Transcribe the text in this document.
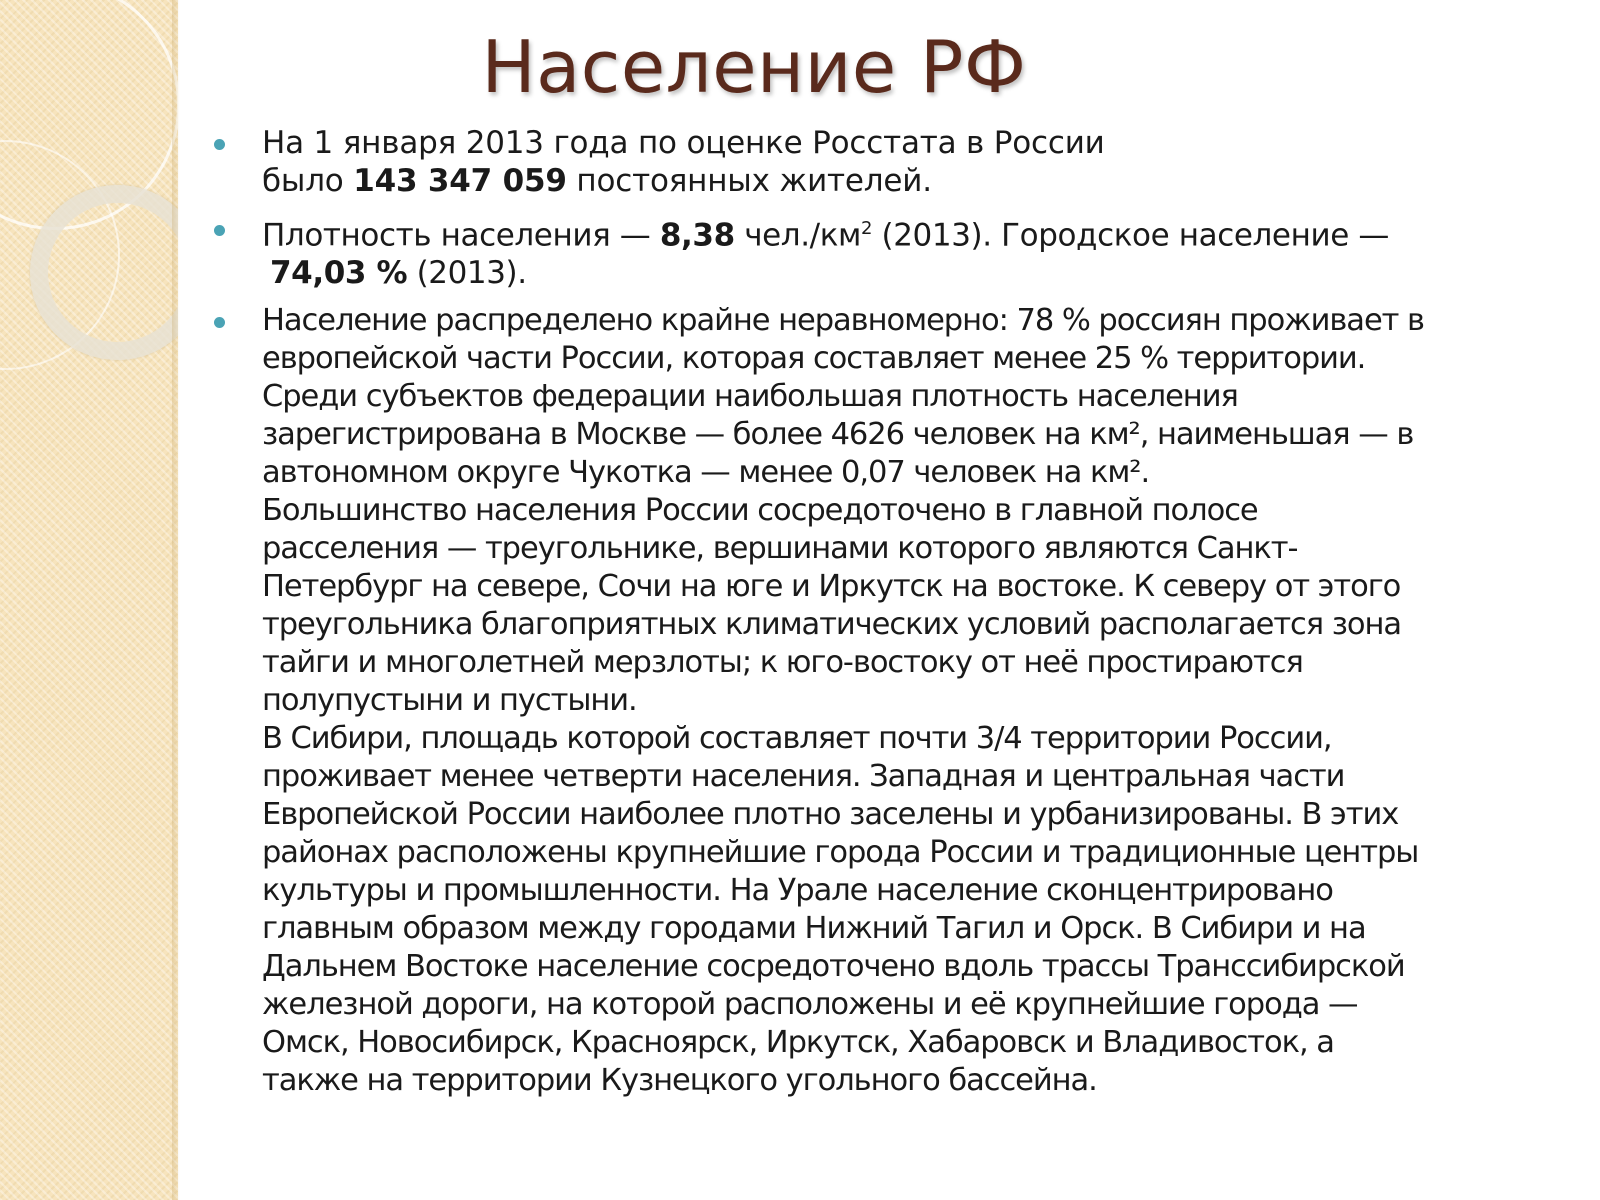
Население РФ
На 1 января 2013 года по оценке Росстата в России
было 143 347 059 постоянных жителей.
Плотность населения — 8,38 $чел./км^2$ (2013). Городское население —
74,03 % (2013).
Население распределено крайне неравномерно: 78 % россиян проживает в
европейской части России, которая составляет менее 25 % территории.
Среди субъектов федерации наибольшая плотность населения
зарегистрирована в Москве — более 4626 человек на км², наименьшая — в
автономном округе Чукотка — менее 0,07 человек на км².
Большинство населения России сосредоточено в главной полосе
расселения — треугольнике, вершинами которого являются Санкт-
Петербург на севере, Сочи на юге и Иркутск на востоке. К северу от этого
треугольника благоприятных климатических условий располагается зона
тайги и многолетней мерзлоты; к юго-востоку от неё простираются
полупустыни и пустыни.
В Сибири, площадь которой составляет почти 3/4 территории России,
проживает менее четверти населения. Западная и центральная части
Европейской России наиболее плотно заселены и урбанизированы. В этих
районах расположены крупнейшие города России и традиционные центры
культуры и промышленности. На Урале население сконцентрировано
главным образом между городами Нижний Тагил и Орск. В Сибири и на
Дальнем Востоке население сосредоточено вдоль трассы Транссибирской
железной дороги, на которой расположены и её крупнейшие города —
Омск, Новосибирск, Красноярск, Иркутск, Хабаровск и Владивосток, а
также на территории Кузнецкого угольного бассейна.
